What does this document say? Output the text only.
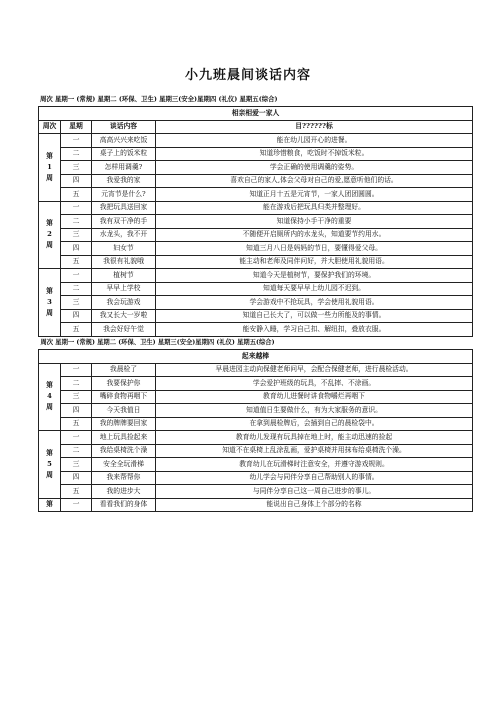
小九班晨间谈话内容
周次 星期一 (常规) 星期二 (环保、卫生) 星期三(安全)星期四 (礼仪) 星期五(综合)
相亲相爱一家人			
周次	星期	谈话内容	目??????标

第
1
周	一	高高兴兴来吃饭	能在幼儿园开心的进餐。
	二	桌子上的饭米粒	知道珍惜粮食，吃饭时不掉饭米粒。
	三	怎样用调羹?	学会正确的使用调羹的姿势。
	四	我爱我的家	喜欢自己的家人,体会父母对自己的爱,愿意听他们的话。
	五	元宵节是什么?	知道正月十五是元宵节，一家人团团圆圆。

第
2
周	一	我把玩具送回家	能在游戏后把玩具归类并整理好。
	二	我有双干净的手	知道保持小手干净的重要
	三	水龙头，我不开	不随便开启厕所内的水龙头，知道要节约用水。
	四	妇女节	知道三月八日是妈妈的节日，要懂得爱父母。
	五	我很有礼貌哦	能主动和老师及同伴问好，并大胆使用礼貌用语。

第
3
周	一	植树节	知道今天是植树节，要保护我们的环境。
	二	早早上学校	知道每天要早早上幼儿园不迟到。
	三	我会玩游戏	学会游戏中不抢玩具，学会使用礼貌用语。
	四	我又长大一岁啦	知道自己长大了，可以做一些力所能及的事情。
	五	我会好好午觉	能安静入睡，学习自己扣、解纽扣，叠放衣服。
周次 星期一 (常规) 星期二 (环保、卫生) 星期三(安全)星期四 (礼仪) 星期五(综合)			
起来越棒			

第
4
周	一	我晨检了	早晨进园主动向保健老师问早，会配合保健老师，进行晨检活动。
	二	我要保护你	学会爱护班级的玩具，不乱摔、不涂画。
	三	嘴碎食物再咽下	教育幼儿进餐时讲食物嚼烂再咽下
	四	今天我值日	知道值日生要做什么，有为大家服务的意识。
	五	我的牌牌要回家	在拿到晨检牌后，会插到自己的晨检袋中。

第
5
周	一	地上玩具捡起来	教育幼儿发现有玩具掉在地上时，能主动迅速的捡起
	二	我给桌椅洗个澡	知道不在桌椅上乱涂乱画，爱护桌椅并用抹布给桌椅洗个澡。
	三	安全全玩滑梯	教育幼儿在玩滑梯时注意安全，并遵守游戏规则。
	四	我来帮帮你	幼儿学会与同伴分享自己帮助别人的事情。
	五	我的进步大	与同伴分享自己这一周自己进步的事儿。

第	一	看看我们的身体	能说出自己身体上个部分的名称
